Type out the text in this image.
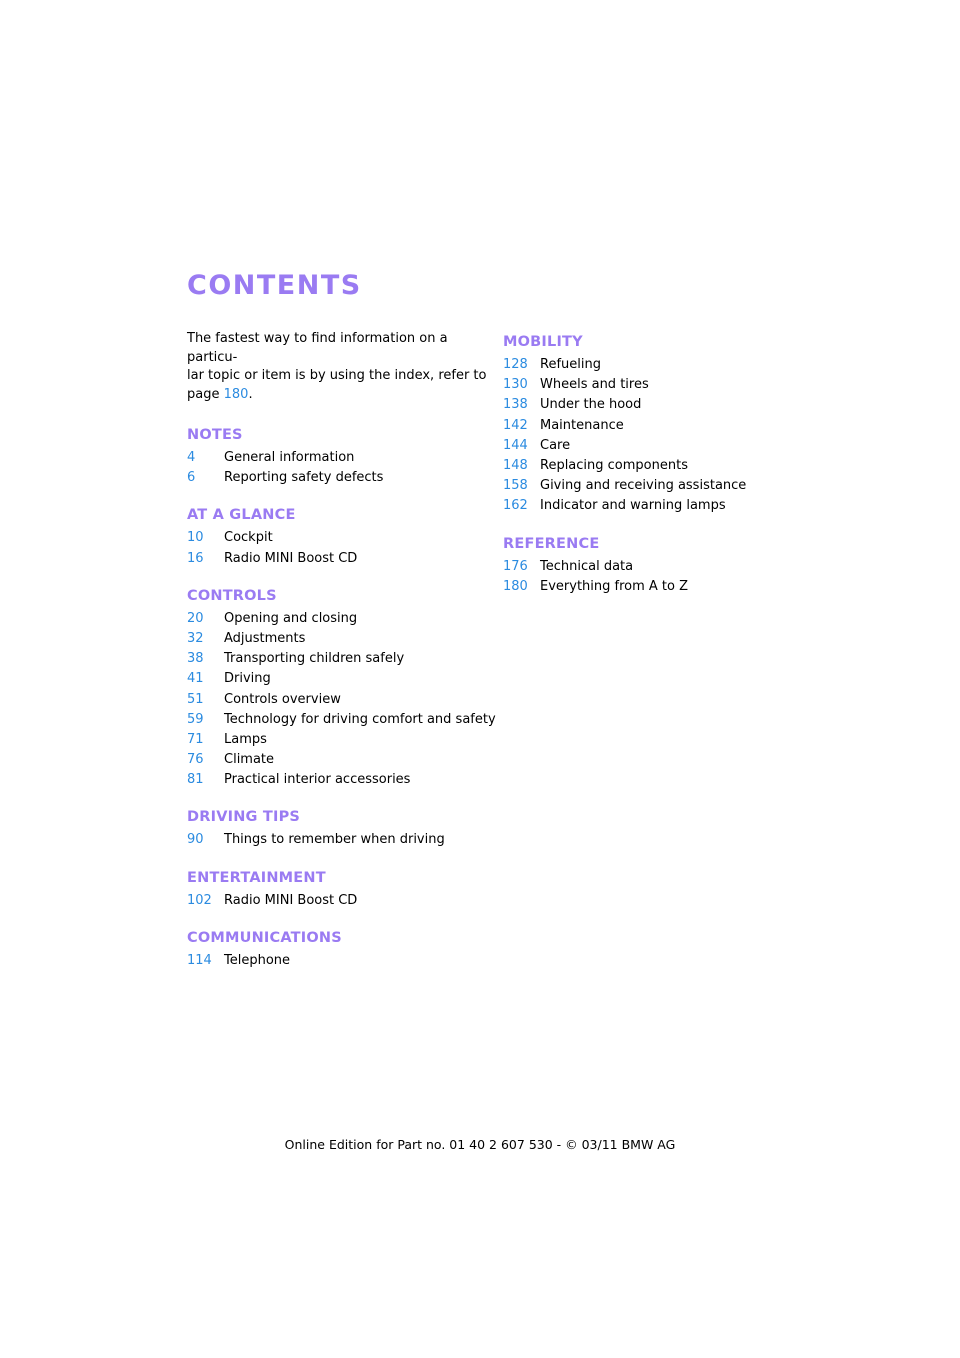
CONTENTS

The fastest way to find information on a particu-
lar topic or item is by using the index, refer to
page 180.

NOTES
4	General information
6	Reporting safety defects
AT A GLANCE
10	Cockpit
16	Radio MINI Boost CD
CONTROLS
20	Opening and closing
32	Adjustments
38	Transporting children safely
41	Driving
51	Controls overview
59	Technology for driving comfort and safety
71	Lamps
76	Climate
81	Practical interior accessories
DRIVING TIPS
90	Things to remember when driving
ENTERTAINMENT
102 Radio MINI Boost CD
COMMUNICATIONS
114 Telephone
MOBILITY
128 Refueling
130 Wheels and tires
138 Under the hood
142 Maintenance
144 Care
148 Replacing components
158 Giving and receiving assistance
162 Indicator and warning lamps
REFERENCE
176 Technical data
180 Everything from A to Z
Online Edition for Part no. 01 40 2 607 530 - © 03/11 BMW AG
